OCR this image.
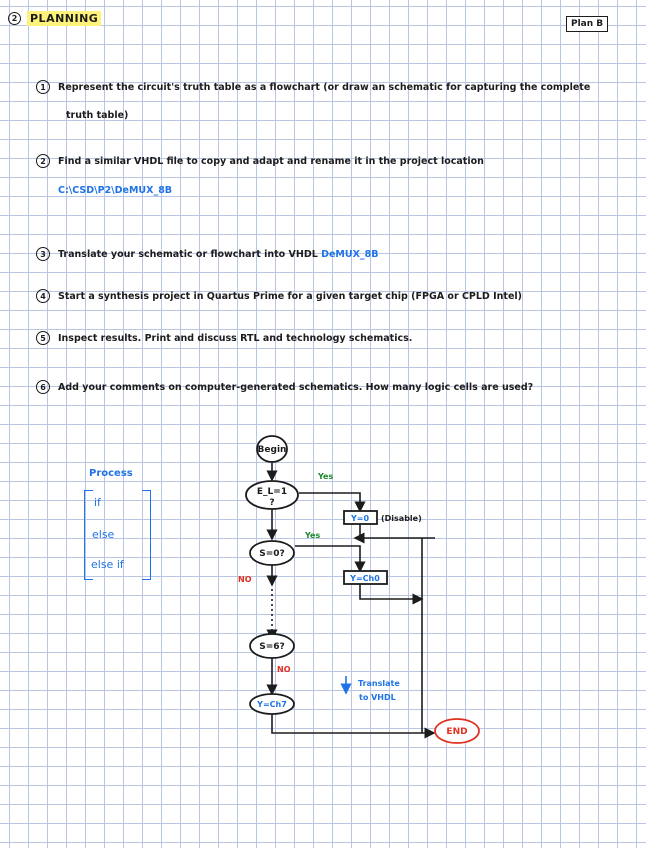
2	PLANNING	Plan B
1	Represent the circuit's truth table as a flowchart (or draw an schematic for capturing the complete
truth table)
2	Find a similar VHDL file to copy and adapt and rename it in the project location
C:\CSD\P2\DeMUX_8B
3	Translate your schematic or flowchart into VHDL
DeMUX_8B
4	Start a synthesis project in Quartus Prime for a given target chip (FPGA or CPLD Intel)
5	Inspect results. Print and discuss RTL and technology schematics.
6	Add your comments on computer-generated schematics. How many logic cells are used?
Process
if
else
else if
Begin
E_L=1
?
S=0?
S=6?
Y=Ch7
Y=0 (Disable)
Y=Ch0
Yes
Yes
NO
NO
END
Translate
to VHDL
